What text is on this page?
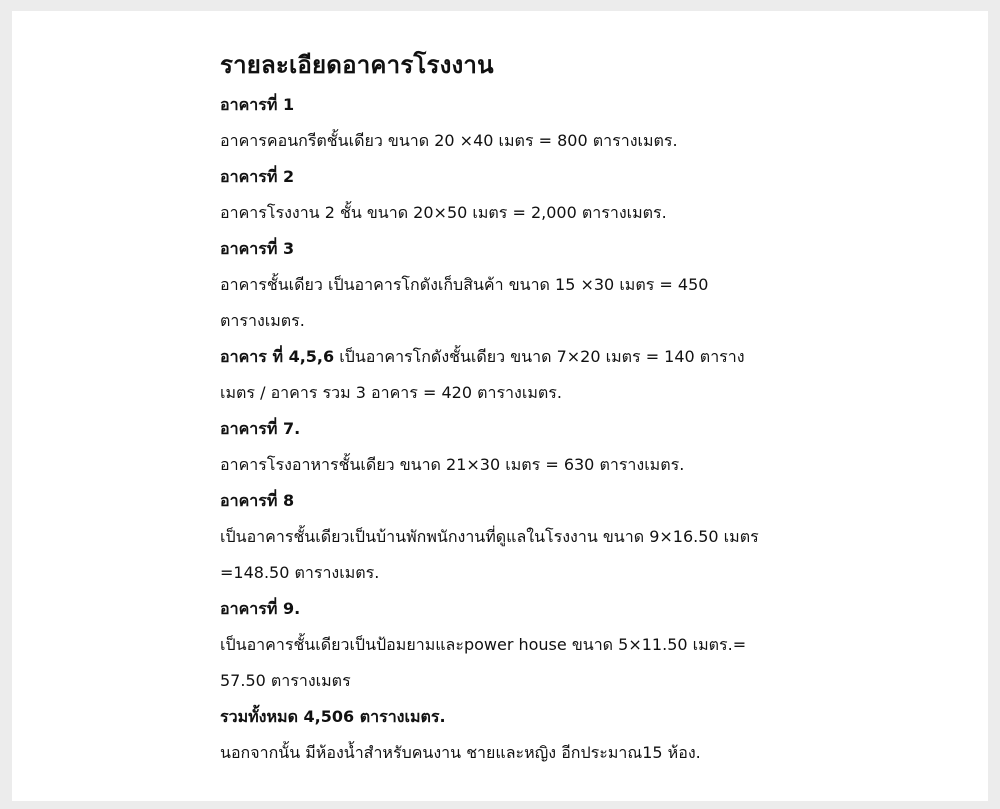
รายละเอียดอาคารโรงงาน
อาคารที่ 1
อาคารคอนกรีตชั้นเดียว ขนาด 20 ×40 เมตร = 800 ตารางเมตร.
อาคารที่ 2
อาคารโรงงาน 2 ชั้น ขนาด 20×50 เมตร = 2,000 ตารางเมตร.
อาคารที่ 3
อาคารชั้นเดียว เป็นอาคารโกดังเก็บสินค้า ขนาด 15 ×30 เมตร = 450
ตารางเมตร.
อาคาร ที่ 4,5,6 เป็นอาคารโกดังชั้นเดียว ขนาด 7×20 เมตร = 140 ตาราง
เมตร / อาคาร รวม 3 อาคาร = 420 ตารางเมตร.
อาคารที่ 7.
อาคารโรงอาหารชั้นเดียว ขนาด 21×30 เมตร = 630 ตารางเมตร.
อาคารที่ 8
เป็นอาคารชั้นเดียวเป็นบ้านพักพนักงานที่ดูแลในโรงงาน ขนาด 9×16.50 เมตร
=148.50 ตารางเมตร.
อาคารที่ 9.
เป็นอาคารชั้นเดียวเป็นป้อมยามและpower house ขนาด 5×11.50 เมตร.=
57.50 ตารางเมตร
รวมทั้งหมด 4,506 ตารางเมตร.
นอกจากนั้น มีห้องน้ำสำหรับคนงาน ชายและหญิง อีกประมาณ15 ห้อง.
